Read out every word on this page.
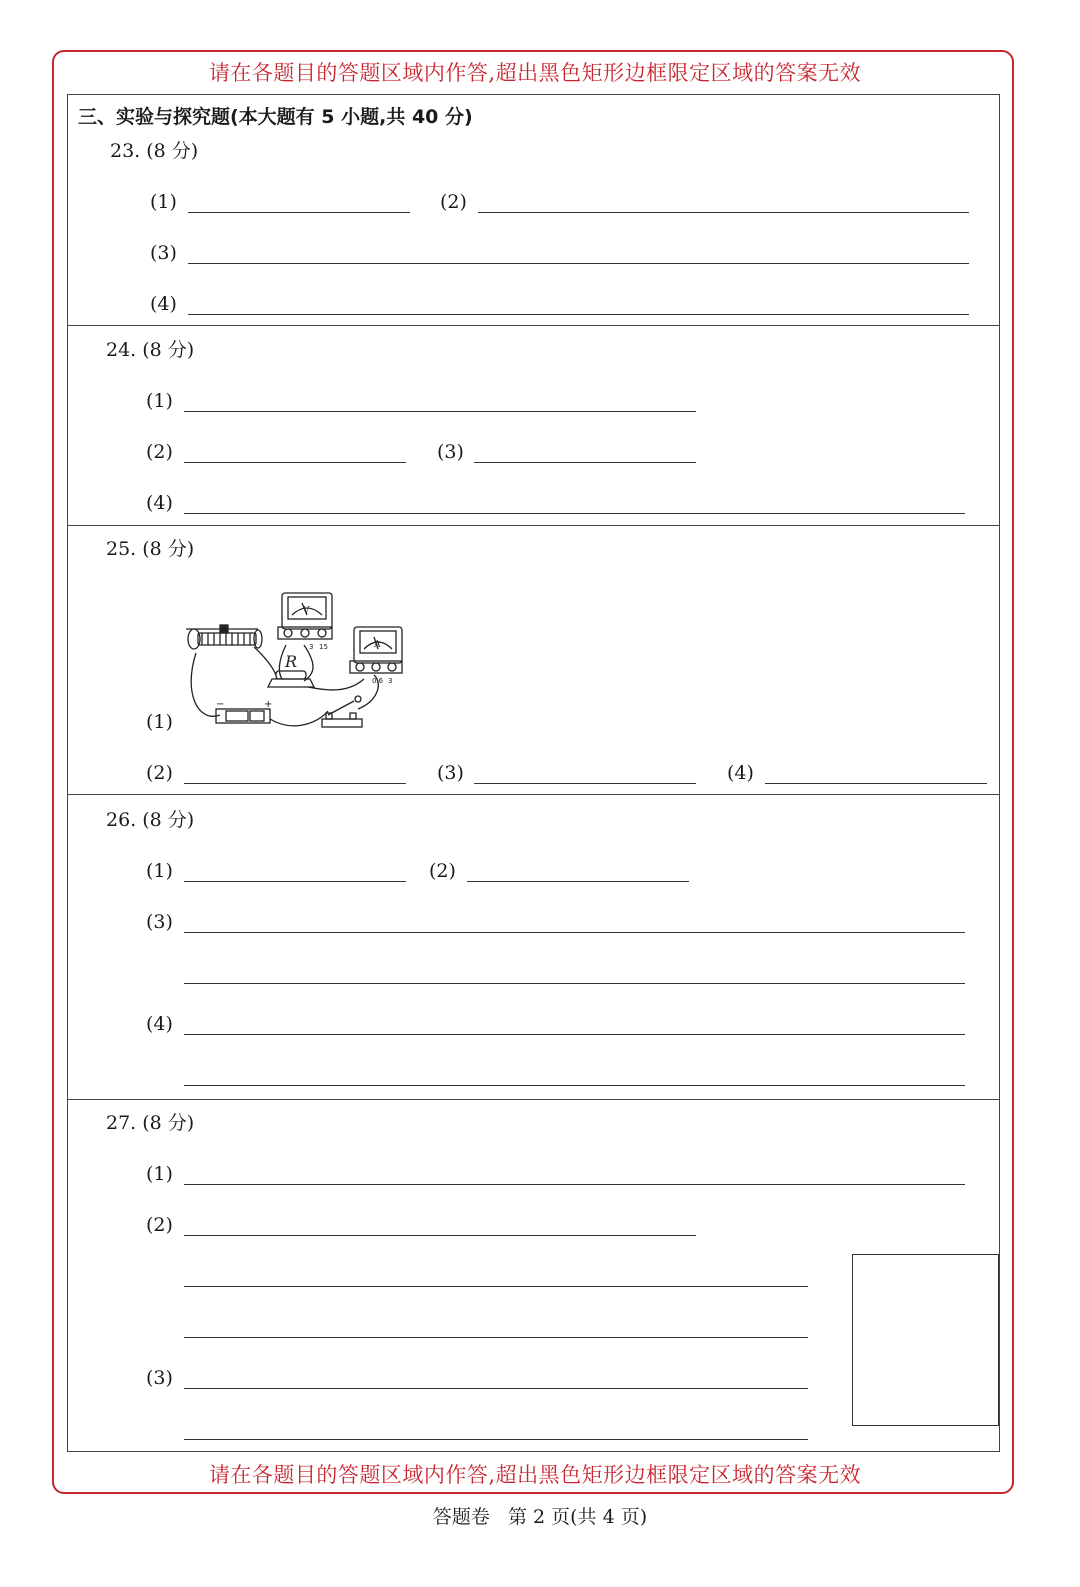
请在各题目的答题区域内作答,超出黑色矩形边框限定区域的答案无效
请在各题目的答题区域内作答,超出黑色矩形边框限定区域的答案无效
三、实验与探究题(本大题有 5 小题,共 40 分)
23. (8 分)
(1)	(2)
(3)
(4)
24. (8 分)
(1)
(2)	(3)
(4)
25. (8 分)
(1)
R
V
A
3 15
0.6 3
−	+
(2)	(3)	(4)
26. (8 分)
(1)	(2)
(3)
(4)
27. (8 分)
(1)
(2)
(3)
答题卷   第 2 页(共 4 页)
